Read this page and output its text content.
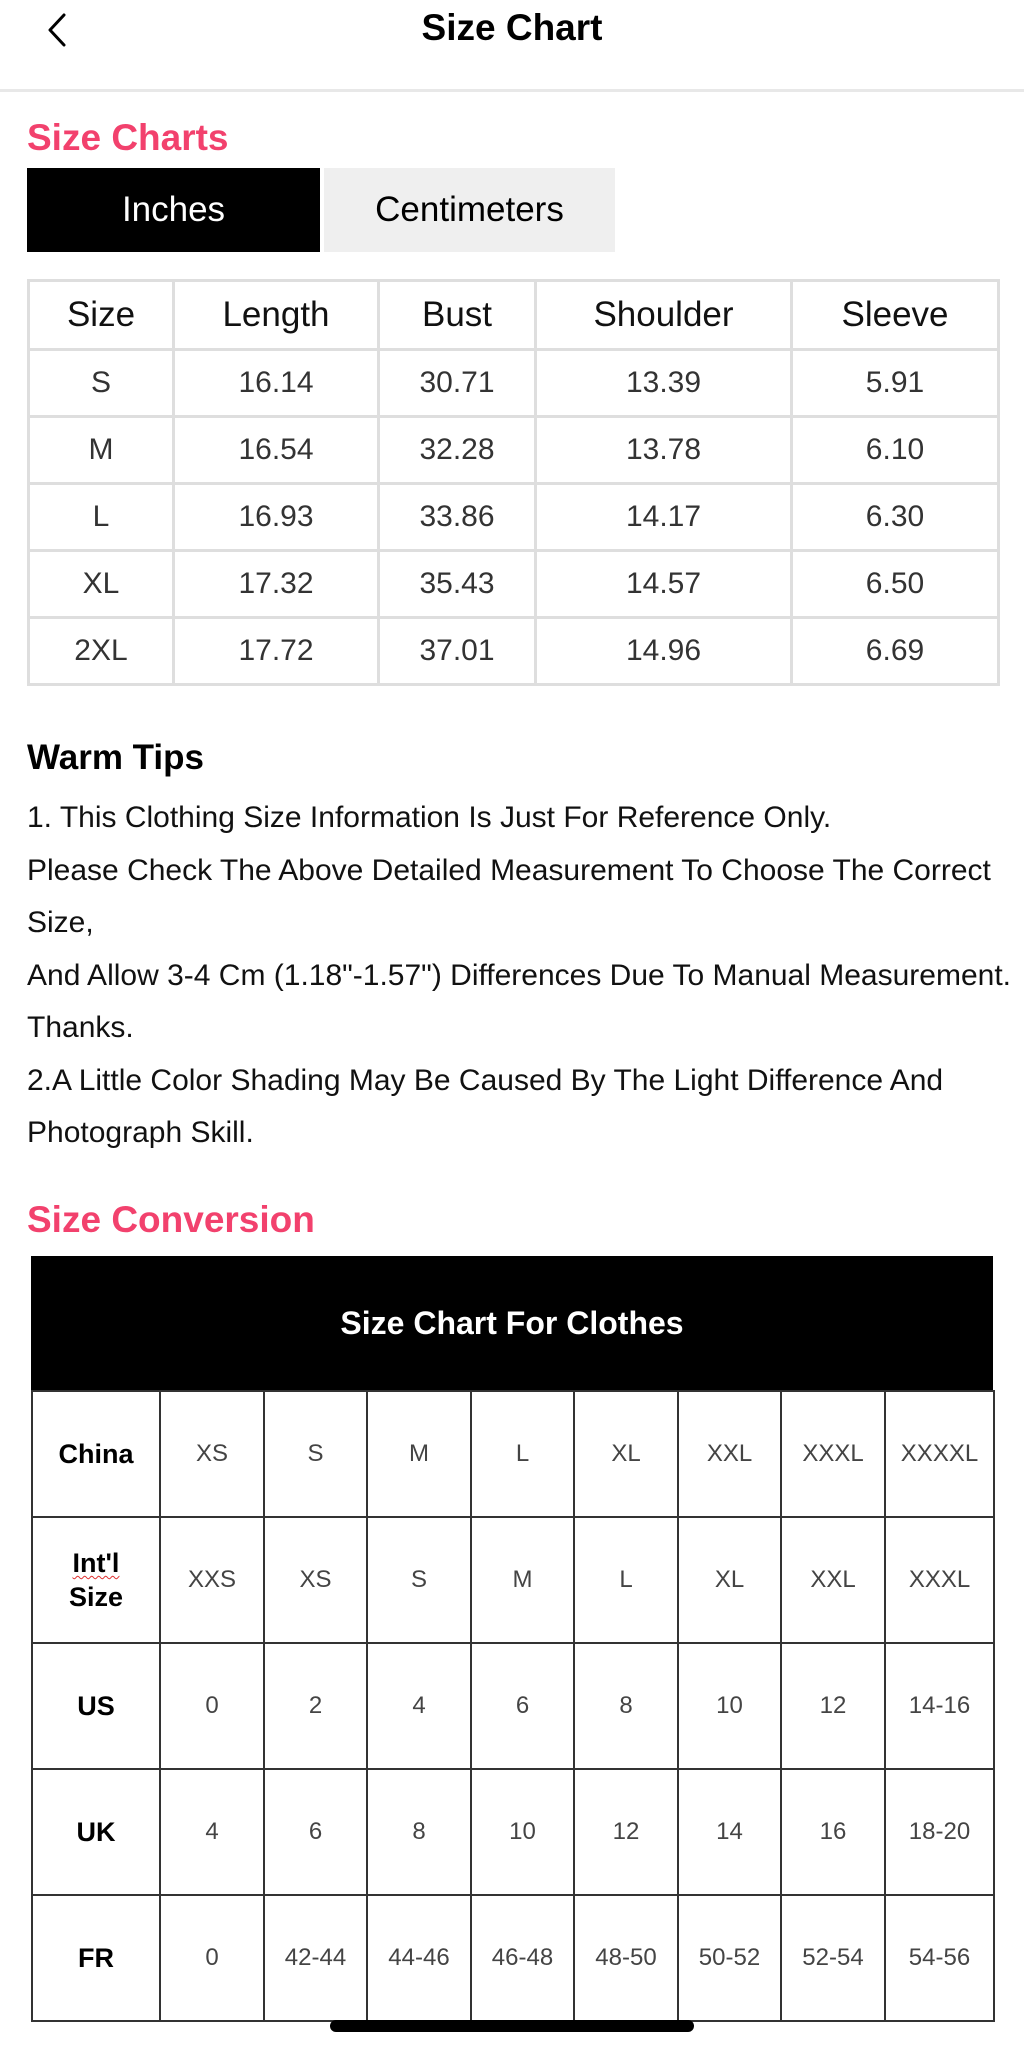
Size Chart
Size Charts
Inches	Centimeters
Size	Length	Bust	Shoulder	Sleeve
S	16.14	30.71	13.39	5.91
M	16.54	32.28	13.78	6.10
L	16.93	33.86	14.17	6.30
XL	17.32	35.43	14.57	6.50
2XL	17.72	37.01	14.96	6.69
Warm Tips

1. This Clothing Size Information Is Just For Reference Only.

Please Check The Above Detailed Measurement To Choose The Correct Size,

And Allow 3-4 Cm (1.18"-1.57") Differences Due To Manual Measurement. Thanks.

2.A Little Color Shading May Be Caused By The Light Difference And Photograph Skill.

Size Conversion
Size Chart For Clothes
China	XS	S	M	L	XL	XXL	XXXL	XXXXL
Int'l
Size	XXS	XS	S	M	L	XL	XXL	XXXL
US	0	2	4	6	8	10	12	14-16
UK	4	6	8	10	12	14	16	18-20
FR	0	42-44	44-46	46-48	48-50	50-52	52-54	54-56
